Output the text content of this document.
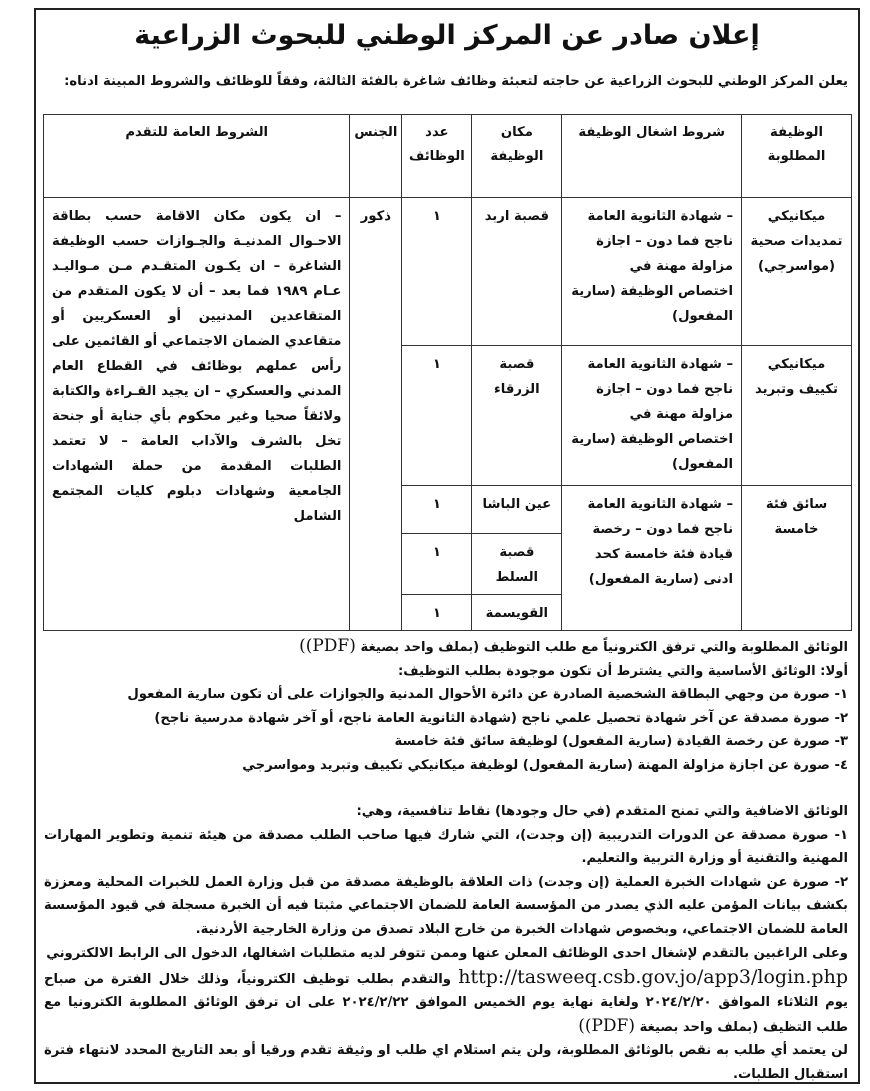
إعلان صادر عن المركز الوطني للبحوث الزراعية
يعلن المركز الوطني للبحوث الزراعية عن حاجته لتعبئة وظائف شاغرة بالفئة الثالثة، وفقاً للوظائف والشروط المبينة ادناه:
الوظيفة المطلوبة	شروط اشغال الوظيفة	مكان الوظيفة	عدد الوظائف	الجنس	الشروط العامة للتقدم

ميكانيكي تمديدات صحية (مواسرجي)	– شهادة الثانوية العامة ناجح فما دون – اجازة مزاولة مهنة في اختصاص الوظيفة (سارية المفعول)	قصبة اربد	١	ذكور	– ان يكون مكان الاقامة حسب بطاقة الاحـوال المدنيـة والجـوازات حسب الوظيفة الشاغرة – ان يكـون المتقـدم مـن مـواليـد عـام ١٩٨٩ فما بعد – أن لا يكون المتقدم من المتقاعدين المدنيين أو العسكريين أو متقاعدي الضمان الاجتماعي أو القائمين على رأس عملهم بوظائف في القطاع العام المدني والعسكري – ان يجيد القـراءة والكتابة ولائقاً صحيا وغير محكوم بأي جناية أو جنحة تخل بالشرف والآداب العامة – لا تعتمد الطلبات المقدمة من حملة الشهادات الجامعية وشهادات دبلوم كليات المجتمع الشامل

ميكانيكي تكييف وتبريد	– شهادة الثانوية العامة ناجح فما دون – اجازة مزاولة مهنة في اختصاص الوظيفة (سارية المفعول)	قصبة الزرقاء	١		

سائق فئة خامسة	– شهادة الثانوية العامة ناجح فما دون – رخصة قيادة فئة خامسة كحد ادنى (سارية المفعول)	عين الباشا	١		

		قصبة السلط	١		

		القويسمة	١		

الوثائق المطلوبة والتي ترفق الكترونياً مع طلب التوظيف (بملف واحد بصيغة (PDF))

أولا: الوثائق الأساسية والتي يشترط أن تكون موجودة بطلب التوظيف:

١- صورة من وجهي البطاقة الشخصية الصادرة عن دائرة الأحوال المدنية والجوازات على أن تكون سارية المفعول

٢- صورة مصدقة عن آخر شهادة تحصيل علمي ناجح (شهادة الثانوية العامة ناجح، أو آخر شهادة مدرسية ناجح)

٣- صورة عن رخصة القيادة (سارية المفعول) لوظيفة سائق فئة خامسة

٤- صورة عن اجازة مزاولة المهنة (سارية المفعول) لوظيفة ميكانيكي تكييف وتبريد ومواسرجي

الوثائق الاضافية والتي تمنح المتقدم (في حال وجودها) نقاط تنافسية، وهي:

١- صورة مصدقة عن الدورات التدريبية (إن وجدت)، التي شارك فيها صاحب الطلب مصدقة من هيئة تنمية وتطوير المهارات المهنية والتقنية أو وزارة التربية والتعليم.

٢- صورة عن شهادات الخبرة العملية (إن وجدت) ذات العلاقة بالوظيفة مصدقة من قبل وزارة العمل للخبرات المحلية ومعززة بكشف بيانات المؤمن عليه الذي يصدر من المؤسسة العامة للضمان الاجتماعي مثبتا فيه أن الخبرة مسجلة في قيود المؤسسة العامة للضمان الاجتماعي، وبخصوص شهادات الخبرة من خارج البلاد تصدق من وزارة الخارجية الأردنية.

وعلى الراغبين بالتقدم لإشغال احدى الوظائف المعلن عنها وممن تتوفر لديه متطلبات اشغالها، الدخول الى الرابط الالكتروني

http://tasweeq.csb.gov.jo/app3/login.php والتقدم بطلب توظيف الكترونياً، وذلك خلال الفترة من صباح يوم الثلاثاء الموافق ٢٠٢٤/٢/٢٠ ولغاية نهاية يوم الخميس الموافق ٢٠٢٤/٢/٢٢ على ان ترفق الوثائق المطلوبة الكترونيا مع طلب التظيف (بملف واحد بصيغة (PDF))

لن يعتمد أي طلب به نقص بالوثائق المطلوبة، ولن يتم استلام اي طلب او وثيقة تقدم ورقيا أو بعد التاريخ المحدد لانتهاء فترة استقبال الطلبات.
